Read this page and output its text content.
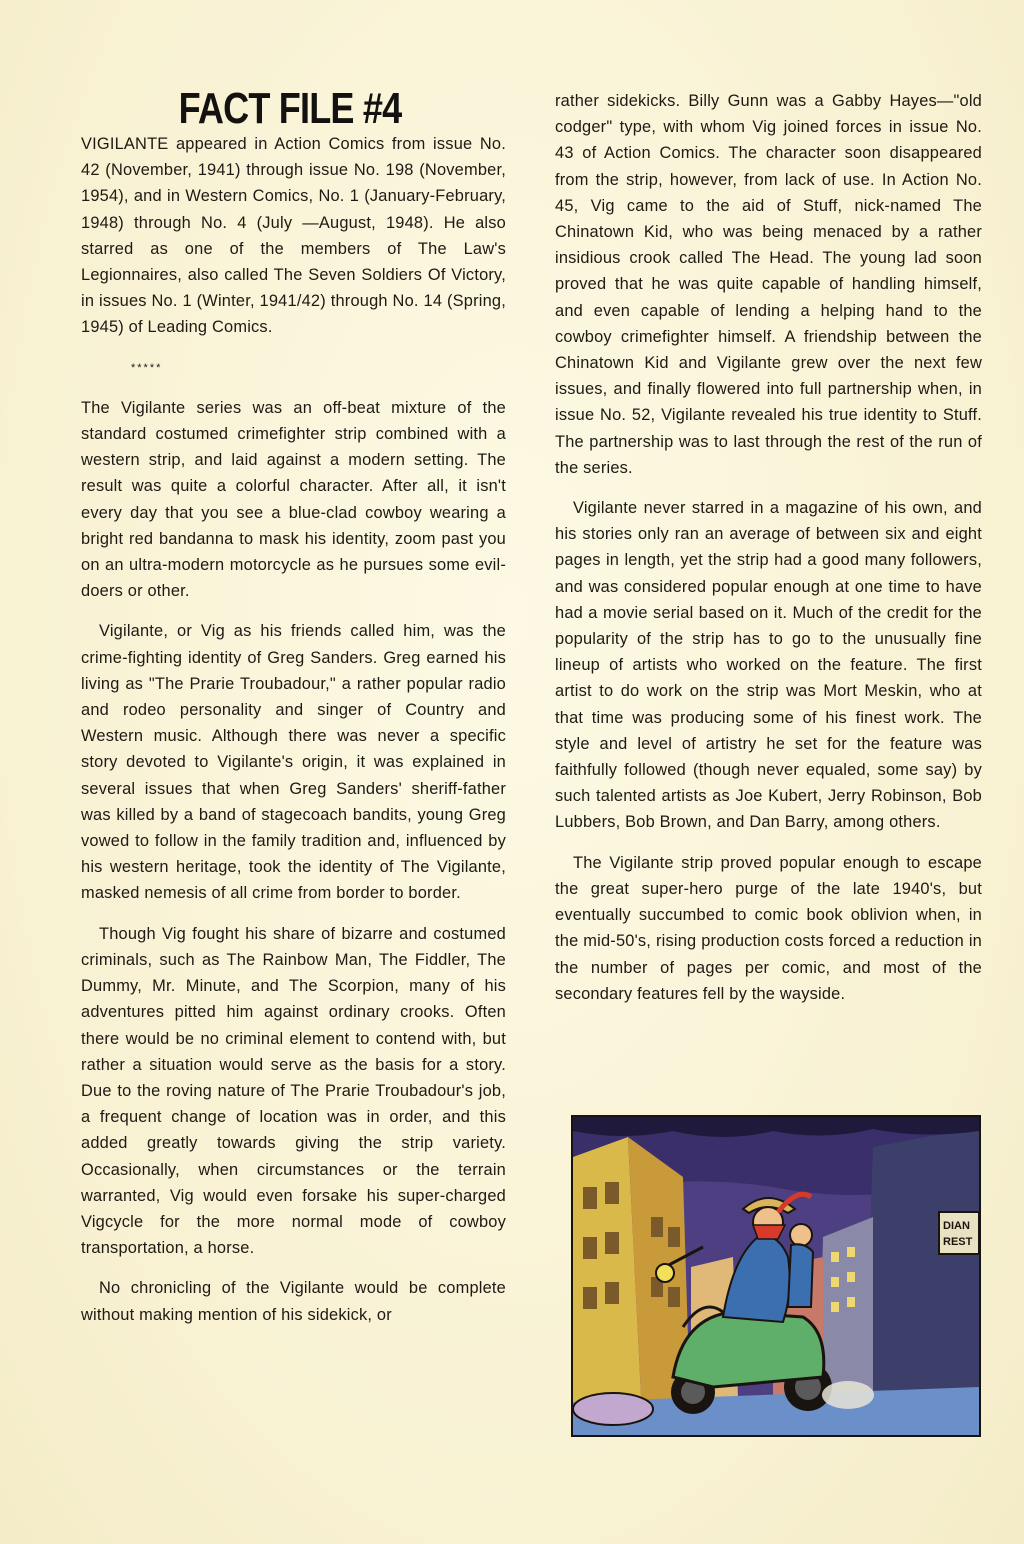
FACT FILE #4

VIGILANTE appeared in Action Comics from issue No. 42 (November, 1941) through issue No. 198 (November, 1954), and in Western Comics, No. 1 (January-February, 1948) through No. 4 (July —August, 1948). He also starred as one of the members of The Law's Legionnaires, also called The Seven Soldiers Of Victory, in issues No. 1 (Winter, 1941/42) through No. 14 (Spring, 1945) of Leading Comics.

*****

The Vigilante series was an off-beat mixture of the standard costumed crimefighter strip combined with a western strip, and laid against a modern setting. The result was quite a colorful character. After all, it isn't every day that you see a blue-clad cowboy wearing a bright red bandanna to mask his identity, zoom past you on an ultra-modern motorcycle as he pursues some evil-doers or other.

Vigilante, or Vig as his friends called him, was the crime-fighting identity of Greg Sanders. Greg earned his living as "The Prarie Troubadour," a rather popular radio and rodeo personality and singer of Country and Western music. Although there was never a specific story devoted to Vigilante's origin, it was explained in several issues that when Greg Sanders' sheriff-father was killed by a band of stagecoach bandits, young Greg vowed to follow in the family tradition and, influenced by his western heritage, took the identity of The Vigilante, masked nemesis of all crime from border to border.

Though Vig fought his share of bizarre and costumed criminals, such as The Rainbow Man, The Fiddler, The Dummy, Mr. Minute, and The Scorpion, many of his adventures pitted him against ordinary crooks. Often there would be no criminal element to contend with, but rather a situation would serve as the basis for a story. Due to the roving nature of The Prarie Troubadour's job, a frequent change of location was in order, and this added greatly towards giving the strip variety. Occasionally, when circumstances or the terrain warranted, Vig would even forsake his super-charged Vigcycle for the more normal mode of cowboy transportation, a horse.

No chronicling of the Vigilante would be complete without making mention of his sidekick, or

rather sidekicks. Billy Gunn was a Gabby Hayes—"old codger" type, with whom Vig joined forces in issue No. 43 of Action Comics. The character soon disappeared from the strip, however, from lack of use. In Action No. 45, Vig came to the aid of Stuff, nick-named The Chinatown Kid, who was being menaced by a rather insidious crook called The Head. The young lad soon proved that he was quite capable of handling himself, and even capable of lending a helping hand to the cowboy crimefighter himself. A friendship between the Chinatown Kid and Vigilante grew over the next few issues, and finally flowered into full partnership when, in issue No. 52, Vigilante revealed his true identity to Stuff. The partnership was to last through the rest of the run of the series.

Vigilante never starred in a magazine of his own, and his stories only ran an average of between six and eight pages in length, yet the strip had a good many followers, and was considered popular enough at one time to have had a movie serial based on it. Much of the credit for the popularity of the strip has to go to the unusually fine lineup of artists who worked on the feature. The first artist to do work on the strip was Mort Meskin, who at that time was producing some of his finest work. The style and level of artistry he set for the feature was faithfully followed (though never equaled, some say) by such talented artists as Joe Kubert, Jerry Robinson, Bob Lubbers, Bob Brown, and Dan Barry, among others.

The Vigilante strip proved popular enough to escape the great super-hero purge of the late 1940's, but eventually succumbed to comic book oblivion when, in the mid-50's, rising production costs forced a reduction in the number of pages per comic, and most of the secondary features fell by the wayside.

DIAN
REST
